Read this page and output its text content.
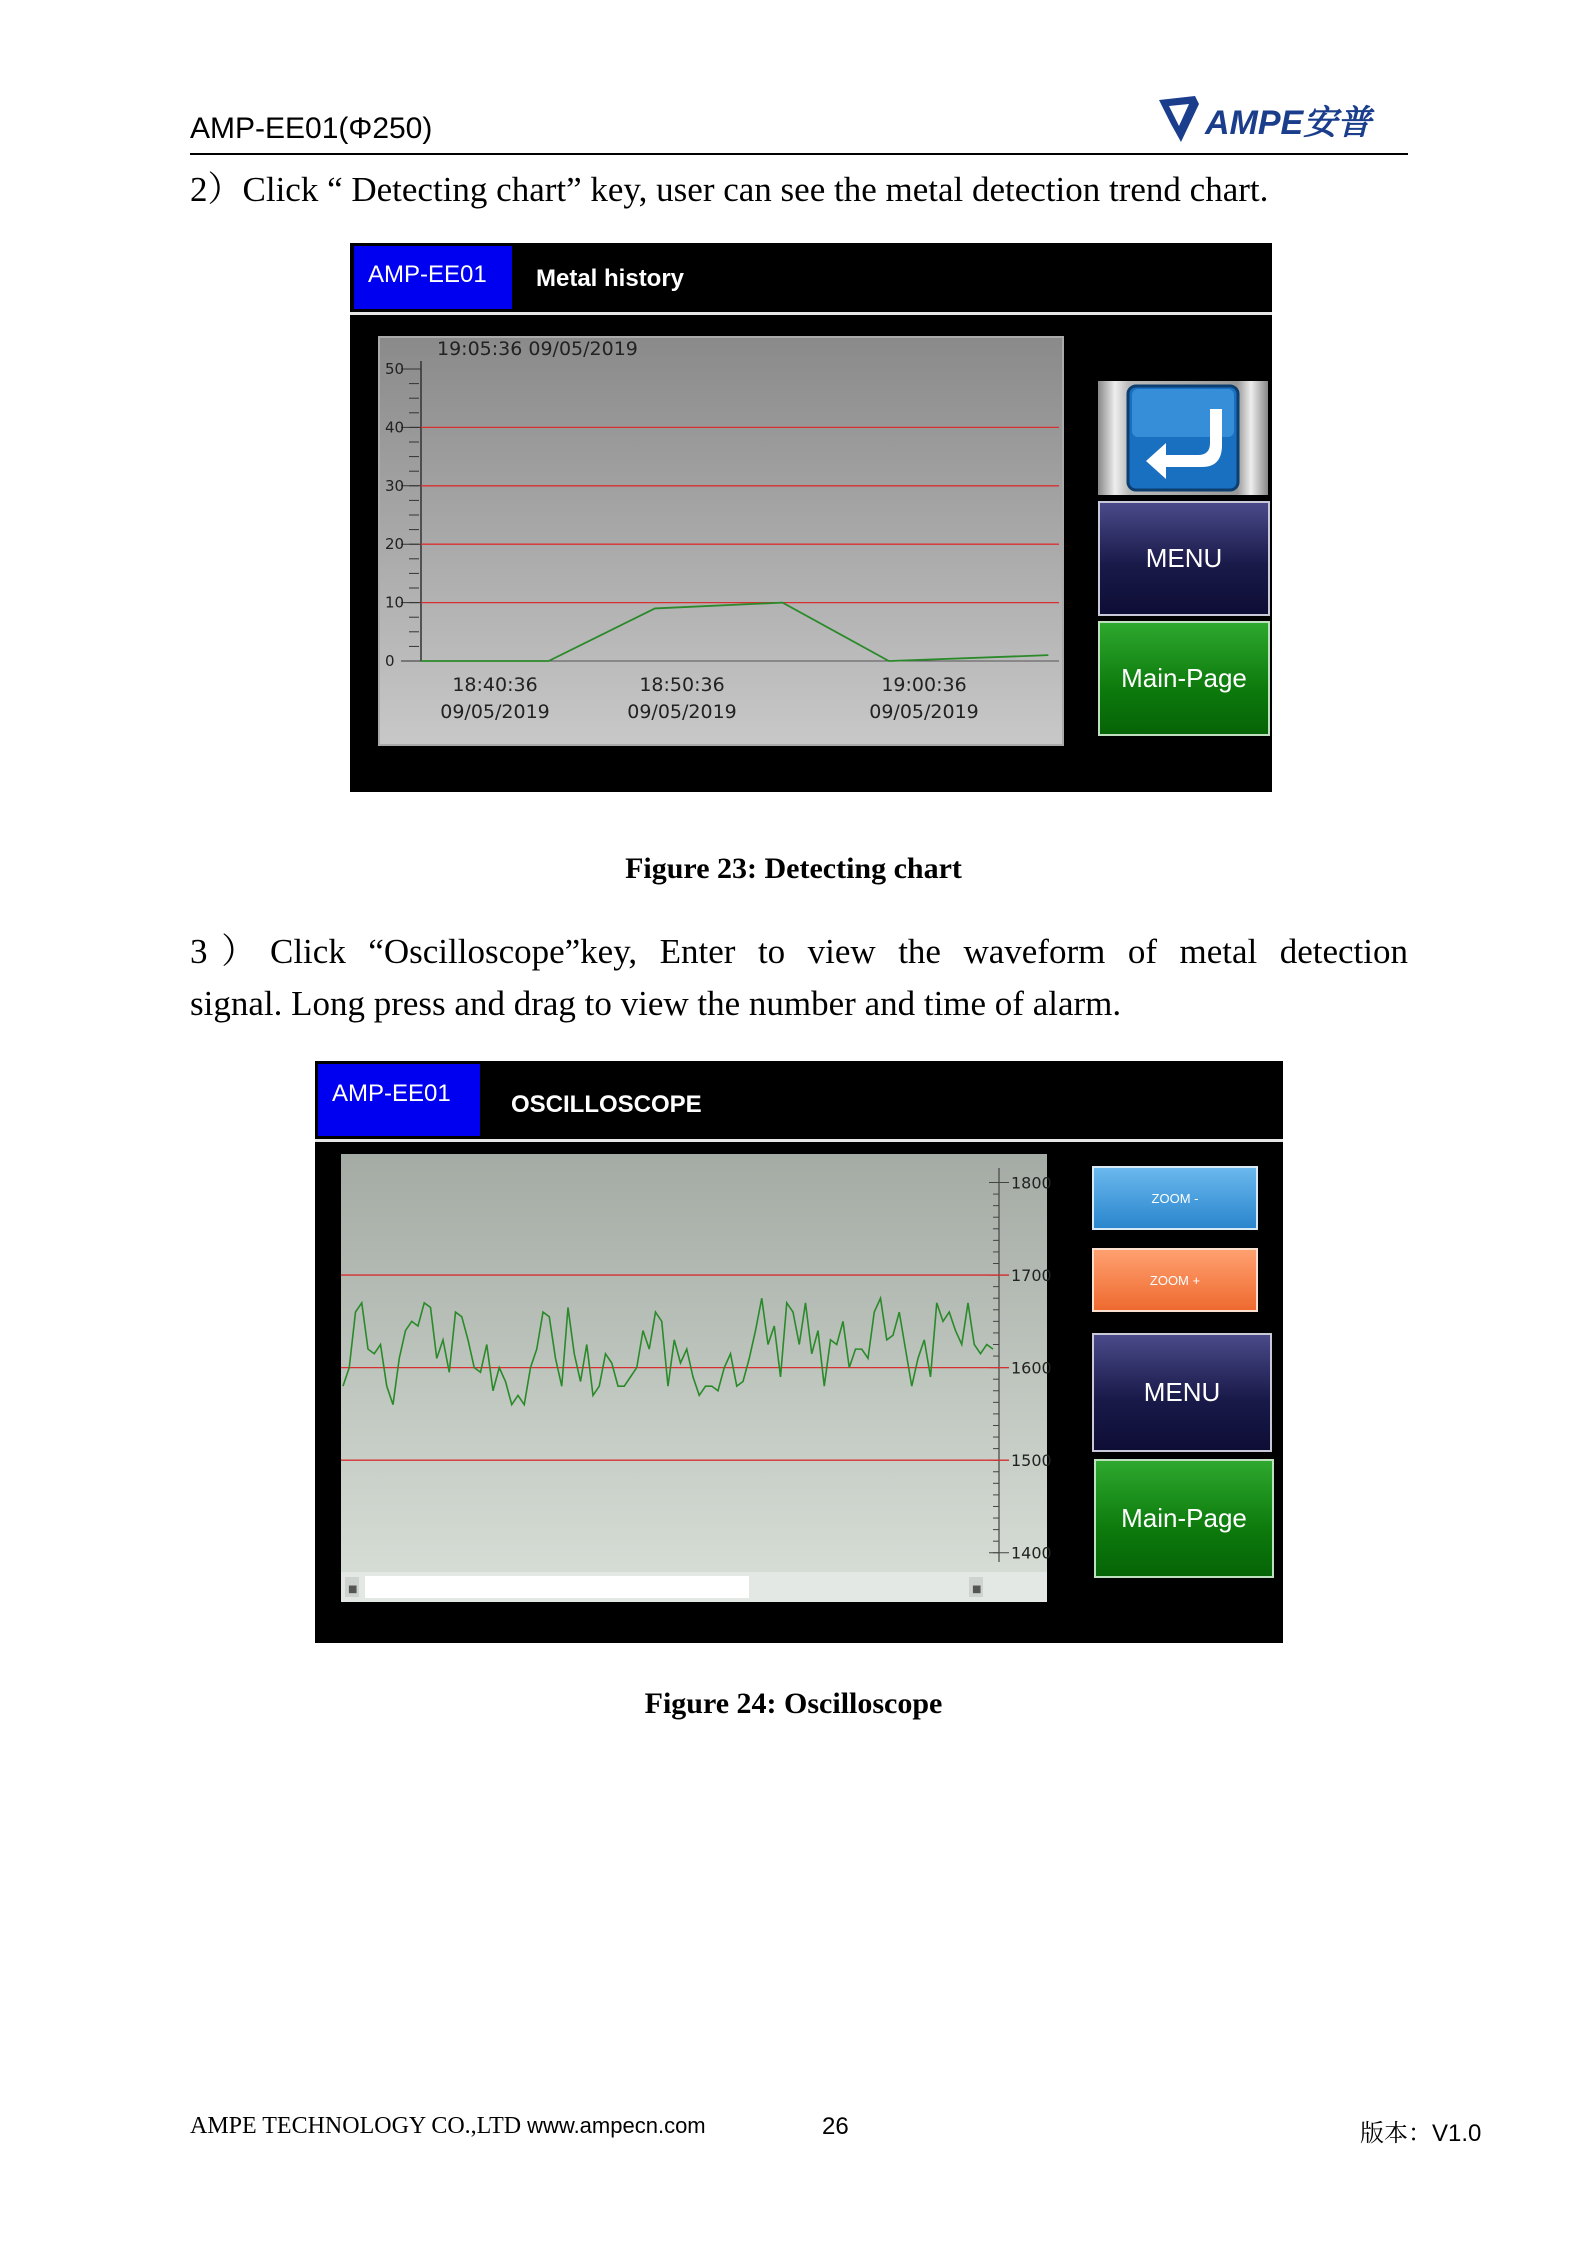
AMP-EE01(Φ250)	AMPE安普
2）Click “ Detecting chart” key, user can see the metal detection trend chart.
AMP-EE01	Metal history
19:05:36 09/05/2019
50
40
30
20
10
0
18:40:36
09/05/2019
18:50:36
09/05/2019
19:00:36
09/05/2019
MENU
Main-Page
Figure 23: Detecting chart
3）Click “Oscilloscope”key, Enter to view the waveform of metal detection
signal. Long press and drag to view the number and time of alarm.
AMP-EE01	OSCILLOSCOPE
1800
1700
1600
1500
1400
■	■
ZOOM -
ZOOM +
MENU
Main-Page
Figure 24: Oscilloscope
AMPE TECHNOLOGY CO.,LTD www.ampecn.com	26	版本：V1.0
